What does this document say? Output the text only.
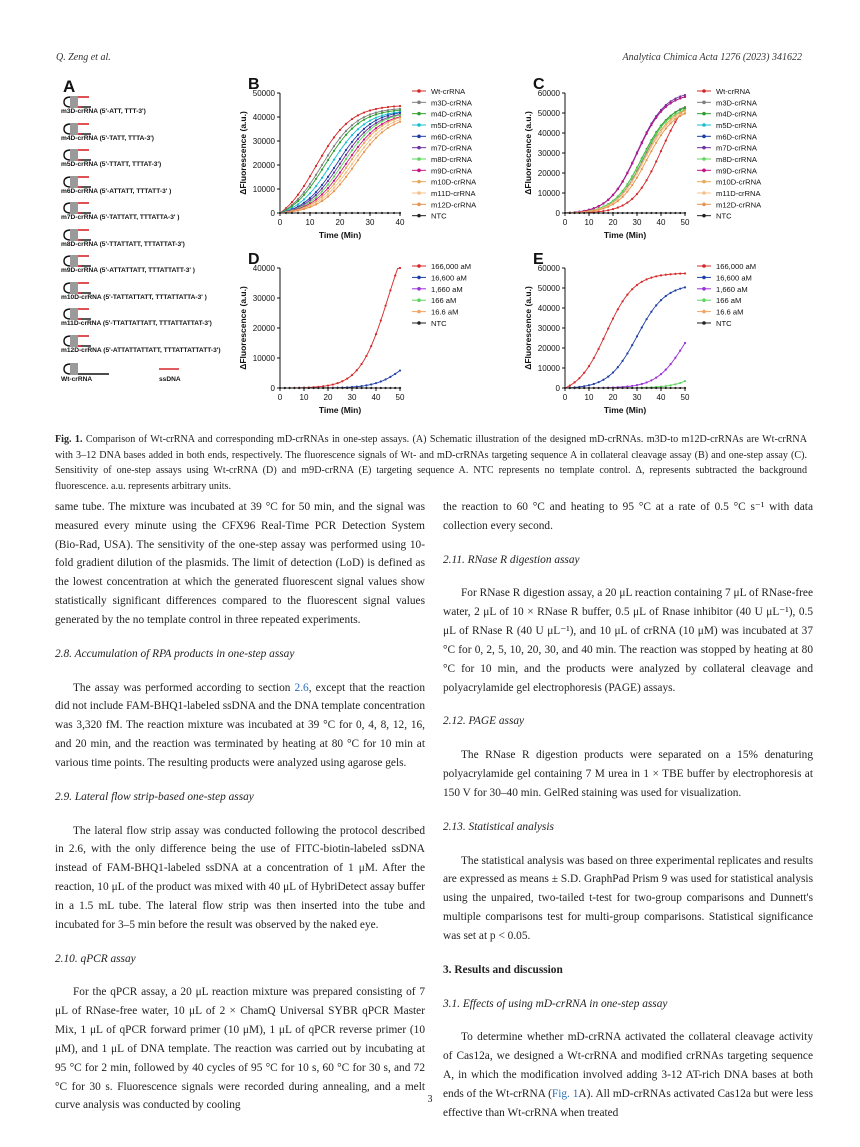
Q. Zeng et al.	Analytica Chimica Acta 1276 (2023) 341622
A
m3D-crRNA (5'-ATT, TTT-3')
m4D-crRNA (5'-TATT, TTTA-3')
m5D-crRNA (5'-TTATT, TTTAT-3')
m6D-crRNA (5'-ATTATT, TTTATT-3' )
m7D-crRNA (5'-TATTATT, TTTATTA-3' )
m8D-crRNA (5'-TTATTATT, TTTATTAT-3')
m9D-crRNA (5'-ATTATTATT, TTTATTATT-3' )
m10D-crRNA (5'-TATTATTATT, TTTATTATTA-3' )
m11D-crRNA (5'-TTATTATTATT, TTTATTATTAT-3')
m12D-crRNA (5'-ATTATTATTATT, TTTATTATTATT-3')
Wt-crRNA	ssDNA
B
0
10000
20000
30000
40000
50000
0	10	20	30	40
Time (Min)
ΔFluorescence (a.u.)
Wt-crRNA
m3D-crRNA
m4D-crRNA
m5D-crRNA
m6D-crRNA
m7D-crRNA
m8D-crRNA
m9D-crRNA
m10D-crRNA
m11D-crRNA
m12D-crRNA
NTC
C
0
10000
20000
30000
40000
50000
60000
0 10 20 30 40 50
Time (Min)
ΔFluorescence (a.u.)
Wt-crRNA
m3D-crRNA
m4D-crRNA
m5D-crRNA
m6D-crRNA
m7D-crRNA
m8D-crRNA
m9D-crRNA
m10D-crRNA
m11D-crRNA
m12D-crRNA
NTC
D
0
10000
20000
30000
40000
0 10 20 30 40 50
Time (Min)
ΔFluorescence (a.u.)
166,000 aM
16,600 aM
1,660 aM
166 aM
16.6 aM
NTC
E
0
10000
20000
30000
40000
50000
60000
0 10 20 30 40 50
Time (Min)
ΔFluorescence (a.u.)
166,000 aM
16,600 aM
1,660 aM
166 aM
16.6 aM
NTC
Fig. 1. Comparison of Wt-crRNA and corresponding mD-crRNAs in one-step assays. (A) Schematic illustration of the designed mD-crRNAs. m3D-to m12D-crRNAs are Wt-crRNA with 3–12 DNA bases added in both ends, respectively. The fluorescence signals of Wt- and mD-crRNAs targeting sequence A in collateral cleavage assay (B) and one-step assay (C). Sensitivity of one-step assays using Wt-crRNA (D) and m9D-crRNA (E) targeting sequence A. NTC represents no template control. Δ, represents subtracted the background fluorescence. a.u. represents arbitrary units.

same tube. The mixture was incubated at 39 °C for 50 min, and the signal was measured every minute using the CFX96 Real-Time PCR Detection System (Bio-Rad, USA). The sensitivity of the one-step assay was performed using 10-fold gradient dilution of the plasmids. The limit of detection (LoD) is defined as the lowest concentration at which the generated fluorescent signal values show statistically significant differences compared to the fluorescent signal values generated by the no template control in three repeated experiments.

2.8. Accumulation of RPA products in one-step assay

The assay was performed according to section 2.6, except that the reaction did not include FAM-BHQ1-labeled ssDNA and the DNA template concentration was 3,320 fM. The reaction mixture was incubated at 39 °C for 0, 4, 8, 12, 16, and 20 min, and the reaction was terminated by heating at 80 °C for 10 min at various time points. The resulting products were analyzed using agarose gels.

2.9. Lateral flow strip-based one-step assay

The lateral flow strip assay was conducted following the protocol described in 2.6, with the only difference being the use of FITC-biotin-labeled ssDNA instead of FAM-BHQ1-labeled ssDNA at a concentration of 1 μM. After the reaction, 10 μL of the product was mixed with 40 μL of HybriDetect assay buffer in a 1.5 mL tube. The lateral flow strip was then inserted into the tube and incubated for 3–5 min before the result was observed by the naked eye.

2.10. qPCR assay

For the qPCR assay, a 20 μL reaction mixture was prepared consisting of 7 μL of RNase-free water, 10 μL of 2 × ChamQ Universal SYBR qPCR Master Mix, 1 μL of qPCR forward primer (10 μM), 1 μL of qPCR reverse primer (10 μM), and 1 μL of DNA template. The reaction was carried out by incubating at 95 °C for 2 min, followed by 40 cycles of 95 °C for 10 s, 60 °C for 30 s, and 72 °C for 30 s. Fluorescence signals were recorded during annealing, and a melt curve analysis was conducted by cooling

the reaction to 60 °C and heating to 95 °C at a rate of 0.5 °C s⁻¹ with data collection every second.

2.11. RNase R digestion assay

For RNase R digestion assay, a 20 μL reaction containing 7 μL of RNase-free water, 2 μL of 10 × RNase R buffer, 0.5 μL of Rnase inhibitor (40 U μL⁻¹), 0.5 μL of RNase R (40 U μL⁻¹), and 10 μL of crRNA (10 μM) was incubated at 37 °C for 0, 2, 5, 10, 20, 30, and 40 min. The reaction was stopped by heating at 80 °C for 10 min, and the products were analyzed by collateral cleavage and polyacrylamide gel electrophoresis (PAGE) assays.

2.12. PAGE assay

The RNase R digestion products were separated on a 15% denaturing polyacrylamide gel containing 7 M urea in 1 × TBE buffer by electrophoresis at 150 V for 30–40 min. GelRed staining was used for visualization.

2.13. Statistical analysis

The statistical analysis was based on three experimental replicates and results are expressed as means ± S.D. GraphPad Prism 9 was used for statistical analysis using the unpaired, two-tailed t-test for two-group comparisons and Dunnett's multiple comparisons test for multi-group comparisons. Statistical significance was set at p < 0.05.

3. Results and discussion

3.1. Effects of using mD-crRNA in one-step assay

To determine whether mD-crRNA activated the collateral cleavage activity of Cas12a, we designed a Wt-crRNA and modified crRNAs targeting sequence A, in which the modification involved adding 3-12 AT-rich DNA bases at both ends of the Wt-crRNA (Fig. 1A). All mD-crRNAs activated Cas12a but were less effective than Wt-crRNA when treated

3
